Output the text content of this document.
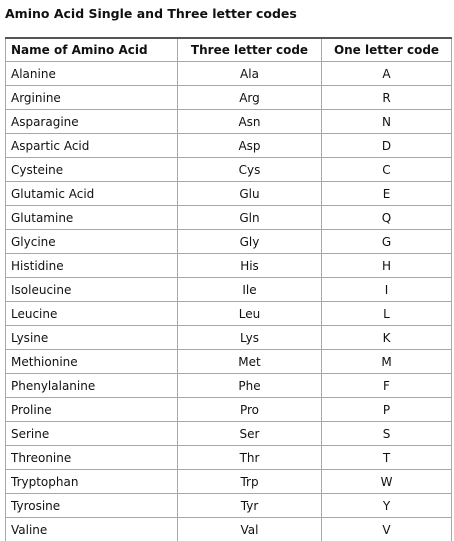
Amino Acid Single and Three letter codes
Name of Amino Acid	Three letter code	One letter code
Alanine	Ala	A
Arginine	Arg	R
Asparagine	Asn	N
Aspartic Acid	Asp	D
Cysteine	Cys	C
Glutamic Acid	Glu	E
Glutamine	Gln	Q
Glycine	Gly	G
Histidine	His	H
Isoleucine	Ile	I
Leucine	Leu	L
Lysine	Lys	K
Methionine	Met	M
Phenylalanine	Phe	F
Proline	Pro	P
Serine	Ser	S
Threonine	Thr	T
Tryptophan	Trp	W
Tyrosine	Tyr	Y
Valine	Val	V
